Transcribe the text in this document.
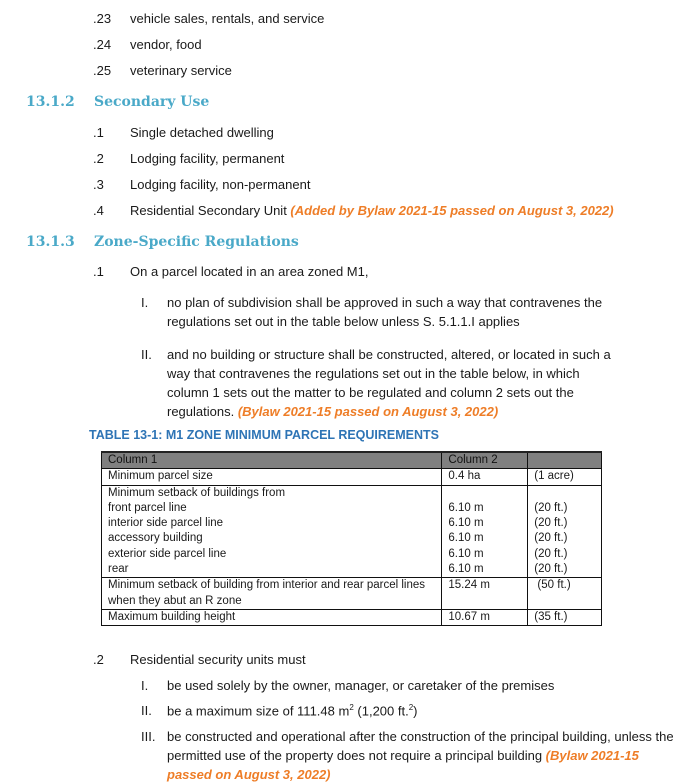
.23 vehicle sales, rentals, and service
.24 vendor, food
.25 veterinary service
13.1.2 Secondary Use
.1 Single detached dwelling
.2 Lodging facility, permanent
.3 Lodging facility, non-permanent
.4 Residential Secondary Unit (Added by Bylaw 2021-15 passed on August 3, 2022)
13.1.3 Zone-Specific Regulations
.1 On a parcel located in an area zoned M1,
I. no plan of subdivision shall be approved in such a way that contravenes the regulations set out in the table below unless S. 5.1.1.I applies
II. and no building or structure shall be constructed, altered, or located in such a way that contravenes the regulations set out in the table below, in which column 1 sets out the matter to be regulated and column 2 sets out the regulations. (Bylaw 2021-15 passed on August 3, 2022)
TABLE 13-1: M1 ZONE MINIMUM PARCEL REQUIREMENTS
Column 1	Column 2	
Minimum parcel size	0.4 ha	(1 acre)
Minimum setback of buildings from		
front parcel line	6.10 m	(20 ft.)
interior side parcel line	6.10 m	(20 ft.)
accessory building	6.10 m	(20 ft.)
exterior side parcel line	6.10 m	(20 ft.)
rear	6.10 m	(20 ft.)
Minimum setback of building from interior and rear parcel lines when they abut an R zone	15.24 m	(50 ft.)
Maximum building height	10.67 m	(35 ft.)
.2 Residential security units must
I. be used solely by the owner, manager, or caretaker of the premises
II. be a maximum size of 111.48 $m^2$ (1,200 ft.$^2$)
III. be constructed and operational after the construction of the principal building, unless the permitted use of the property does not require a principal building (Bylaw 2021-15 passed on August 3, 2022)
